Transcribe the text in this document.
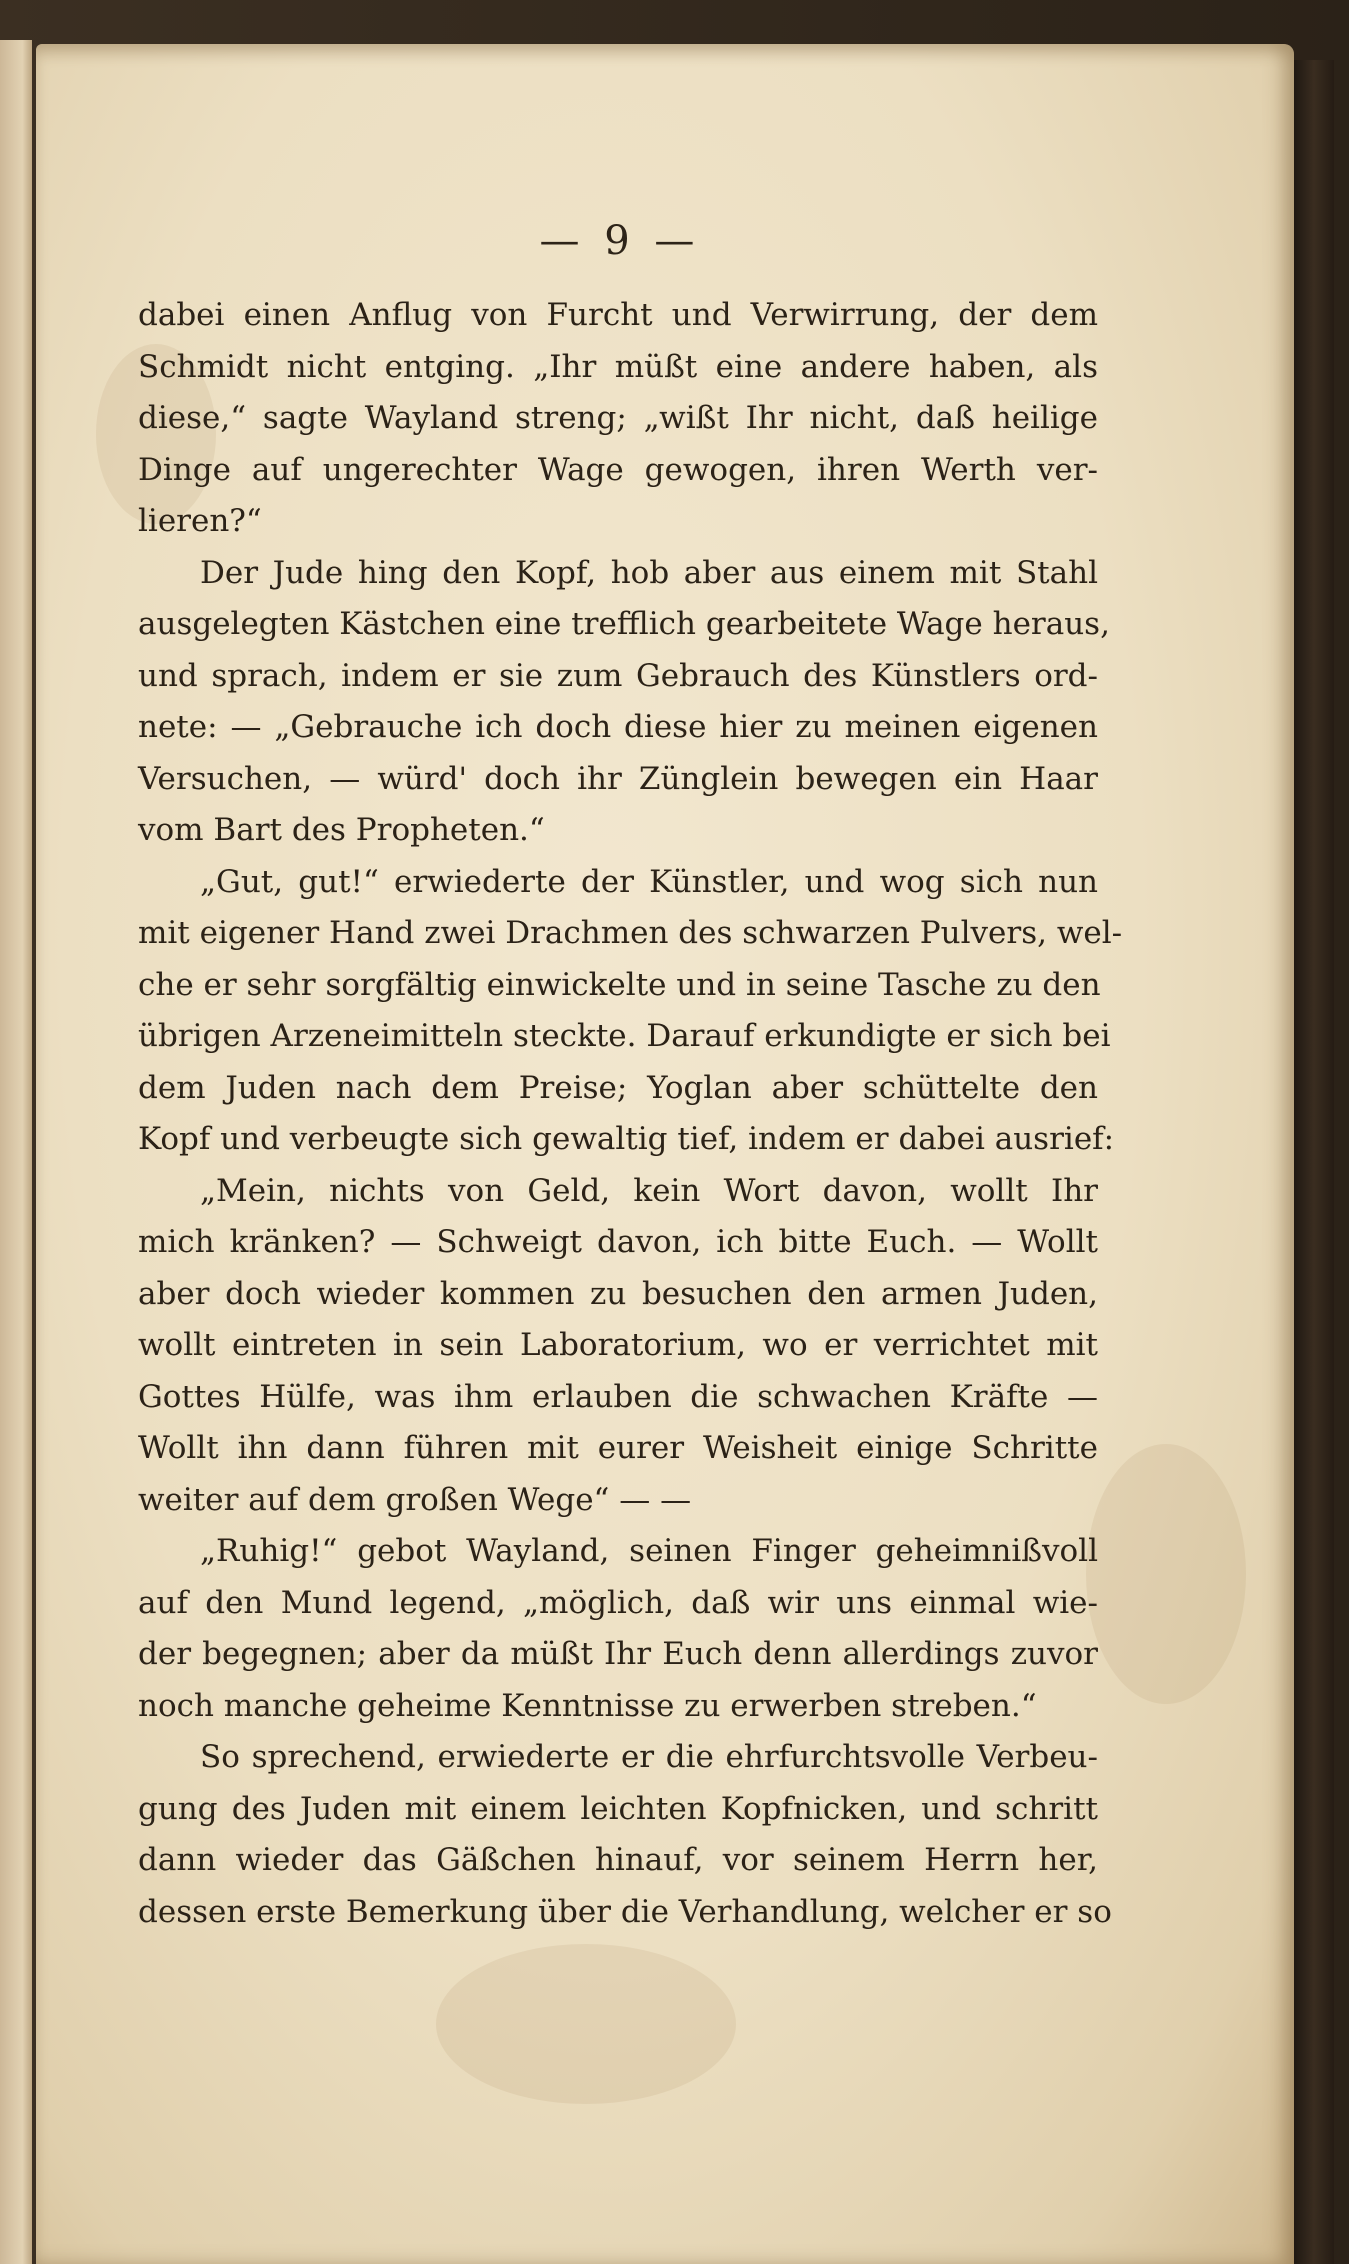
— 9 —
dabei einen Anflug von Furcht und Verwirrung, der dem
Schmidt nicht entging. „Ihr müßt eine andere haben, als
diese,“ sagte Wayland streng; „wißt Ihr nicht, daß heilige
Dinge auf ungerechter Wage gewogen, ihren Werth ver-
lieren?“
Der Jude hing den Kopf, hob aber aus einem mit Stahl
ausgelegten Kästchen eine trefflich gearbeitete Wage heraus,
und sprach, indem er sie zum Gebrauch des Künstlers ord-
nete: — „Gebrauche ich doch diese hier zu meinen eigenen
Versuchen, — würd' doch ihr Zünglein bewegen ein Haar
vom Bart des Propheten.“
„Gut, gut!“ erwiederte der Künstler, und wog sich nun
mit eigener Hand zwei Drachmen des schwarzen Pulvers, wel-
che er sehr sorgfältig einwickelte und in seine Tasche zu den
übrigen Arzeneimitteln steckte. Darauf erkundigte er sich bei
dem Juden nach dem Preise; Yoglan aber schüttelte den
Kopf und verbeugte sich gewaltig tief, indem er dabei ausrief:
„Mein, nichts von Geld, kein Wort davon, wollt Ihr
mich kränken? — Schweigt davon, ich bitte Euch. — Wollt
aber doch wieder kommen zu besuchen den armen Juden,
wollt eintreten in sein Laboratorium, wo er verrichtet mit
Gottes Hülfe, was ihm erlauben die schwachen Kräfte —
Wollt ihn dann führen mit eurer Weisheit einige Schritte
weiter auf dem großen Wege“ — —
„Ruhig!“ gebot Wayland, seinen Finger geheimnißvoll
auf den Mund legend, „möglich, daß wir uns einmal wie-
der begegnen; aber da müßt Ihr Euch denn allerdings zuvor
noch manche geheime Kenntnisse zu erwerben streben.“
So sprechend, erwiederte er die ehrfurchtsvolle Verbeu-
gung des Juden mit einem leichten Kopfnicken, und schritt
dann wieder das Gäßchen hinauf, vor seinem Herrn her,
dessen erste Bemerkung über die Verhandlung, welcher er so
